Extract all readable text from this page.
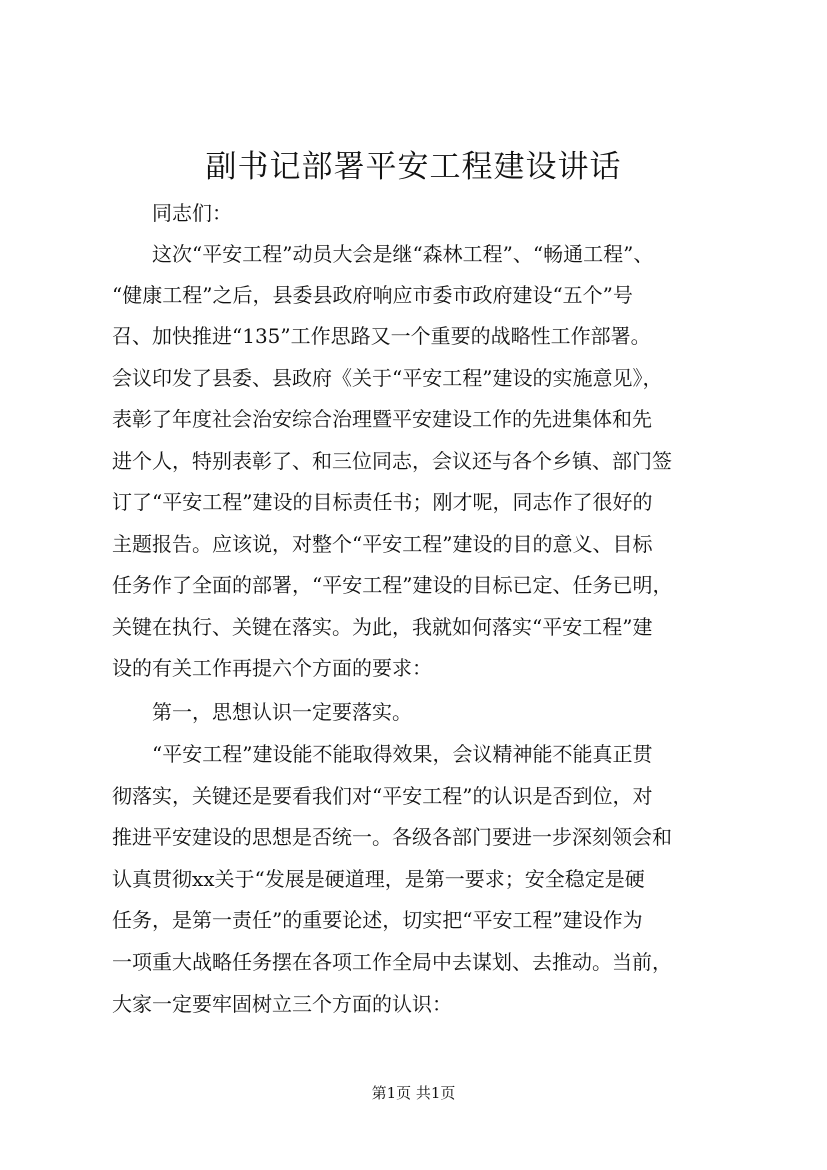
副书记部署平安工程建设讲话

同志们：

这次“平安工程”动员大会是继“森林工程”、“畅通工程”、

“健康工程”之后，县委县政府响应市委市政府建设“五个”号

召、加快推进“135”工作思路又一个重要的战略性工作部署。

会议印发了县委、县政府《关于“平安工程”建设的实施意见》，

表彰了年度社会治安综合治理暨平安建设工作的先进集体和先

进个人，特别表彰了、和三位同志，会议还与各个乡镇、部门签

订了“平安工程”建设的目标责任书；刚才呢，同志作了很好的

主题报告。应该说，对整个“平安工程”建设的目的意义、目标

任务作了全面的部署，“平安工程”建设的目标已定、任务已明，

关键在执行、关键在落实。为此，我就如何落实“平安工程”建

设的有关工作再提六个方面的要求：

第一，思想认识一定要落实。

“平安工程”建设能不能取得效果，会议精神能不能真正贯

彻落实，关键还是要看我们对“平安工程”的认识是否到位，对

推进平安建设的思想是否统一。各级各部门要进一步深刻领会和

认真贯彻xx关于“发展是硬道理，是第一要求；安全稳定是硬

任务，是第一责任”的重要论述，切实把“平安工程”建设作为

一项重大战略任务摆在各项工作全局中去谋划、去推动。当前，

大家一定要牢固树立三个方面的认识：

第1页 共1页
